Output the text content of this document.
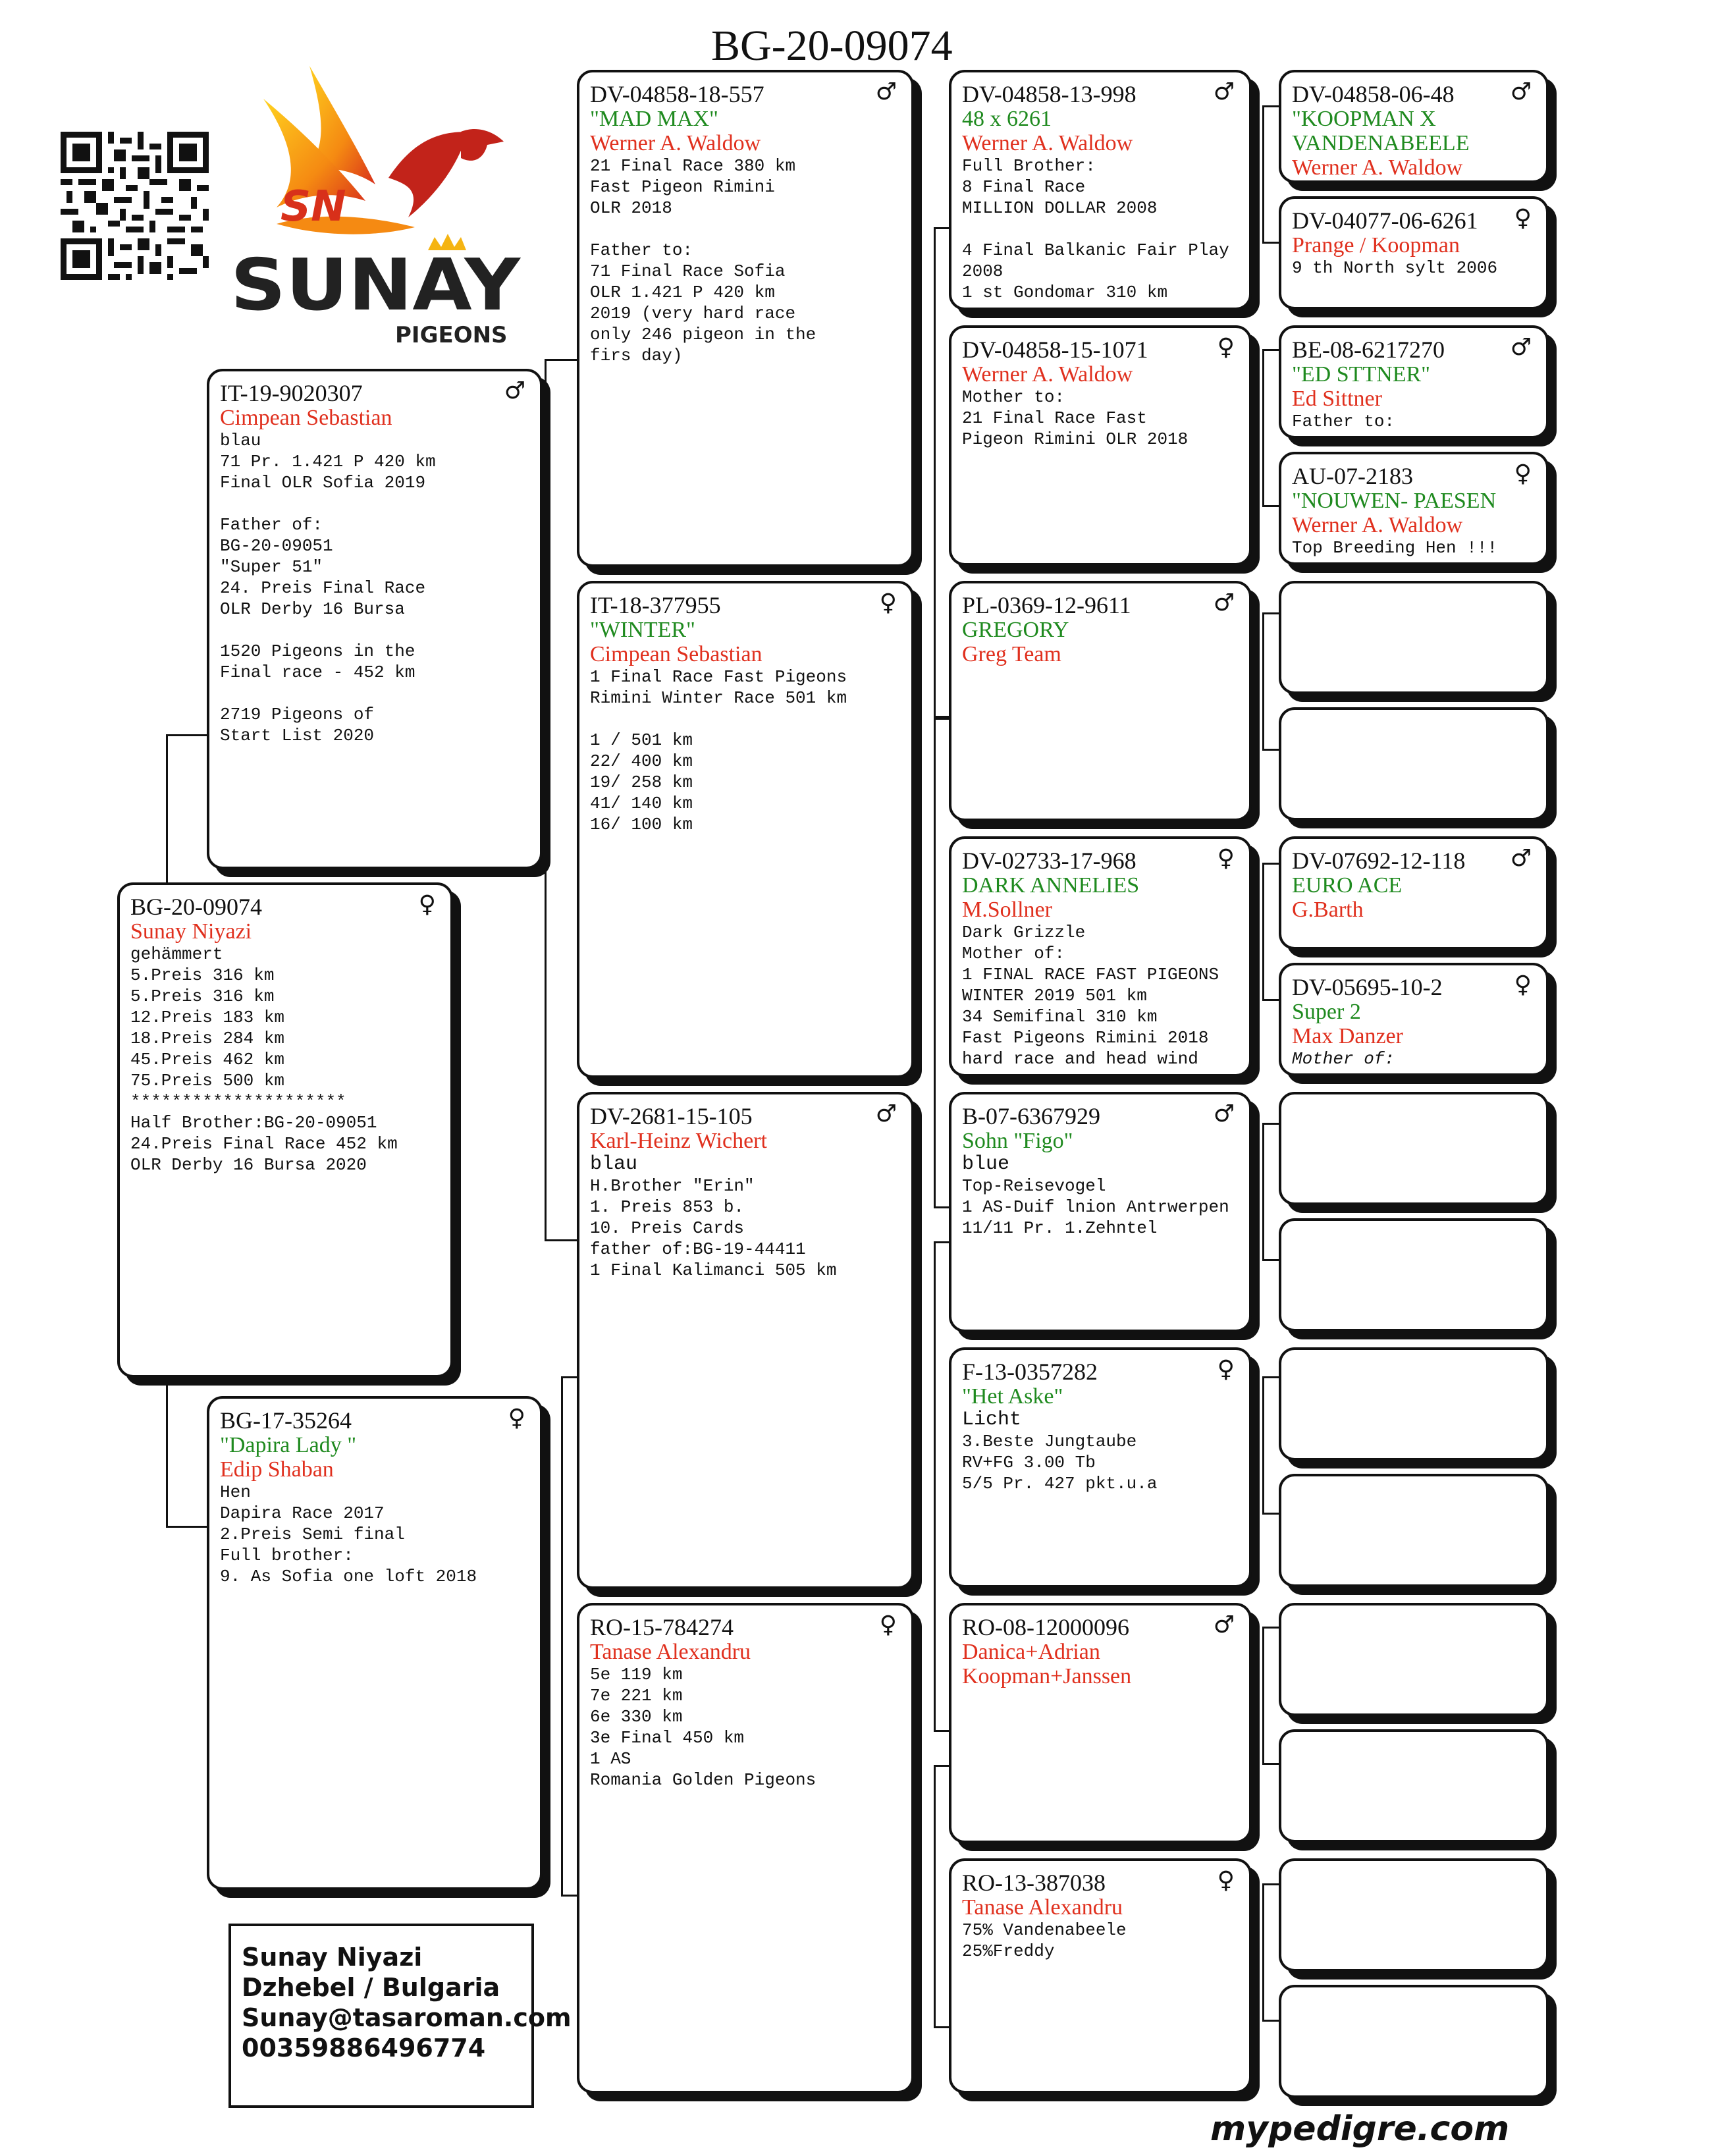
BG-20-09074
SN
SUNAY
PIGEONS
♀
BG-20-09074
Sunay Niyazi
gehämmert
5.Preis 316 km
5.Preis 316 km
12.Preis 183 km
18.Preis 284 km
45.Preis 462 km
75.Preis 500 km
*********************
Half Brother:BG-20-09051
24.Preis Final Race 452 km
OLR Derby 16 Bursa 2020
♂
IT-19-9020307
Cimpean Sebastian
blau
71 Pr. 1.421 P 420 km
Final OLR Sofia 2019

Father of:
BG-20-09051
"Super 51"
24. Preis Final Race
OLR Derby 16 Bursa

1520 Pigeons in the
Final race - 452 km

2719 Pigeons of
Start List 2020
♀
BG-17-35264
"Dapira Lady "
Edip Shaban
Hen
Dapira Race 2017
2.Preis Semi final
Full brother:
9. As Sofia one loft 2018
♂
DV-04858-18-557
"MAD MAX"
Werner A. Waldow
21 Final Race 380 km
Fast Pigeon Rimini
OLR 2018

Father to:
71 Final Race Sofia
OLR 1.421 P 420 km
2019 (very hard race
only 246 pigeon in the
firs day)
♀
IT-18-377955
"WINTER"
Cimpean Sebastian
1 Final Race Fast Pigeons
Rimini Winter Race 501 km

1 / 501 km
22/ 400 km
19/ 258 km
41/ 140 km
16/ 100 km
♂
DV-2681-15-105
Karl-Heinz Wichert
blau
H.Brother "Erin"
1. Preis 853 b.
10. Preis Cards
father of:BG-19-44411
1 Final Kalimanci 505 km
♀
RO-15-784274
Tanase Alexandru
5e 119 km
7e 221 km
6e 330 km
3e Final 450 km
1 AS
Romania Golden Pigeons
♂
DV-04858-13-998
48 x 6261
Werner A. Waldow
Full Brother:
8 Final Race
MILLION DOLLAR 2008

4 Final Balkanic Fair Play
2008
1 st Gondomar 310 km
♀
DV-04858-15-1071
Werner A. Waldow
Mother to:
21 Final Race Fast
Pigeon Rimini OLR 2018
♂
PL-0369-12-9611
GREGORY
Greg Team
♀
DV-02733-17-968
DARK ANNELIES
M.Sollner
Dark Grizzle
Mother of:
1 FINAL RACE FAST PIGEONS
WINTER 2019 501 km
34 Semifinal 310 km
Fast Pigeons Rimini 2018
hard race and head wind
♂
B-07-6367929
Sohn "Figo"
blue
Top-Reisevogel
1 AS-Duif lnion Antrwerpen
11/11 Pr. 1.Zehntel
♀
F-13-0357282
"Het Aske"
Licht
3.Beste Jungtaube
RV+FG 3.00 Tb
5/5 Pr. 427 pkt.u.a
♂
RO-08-12000096
Danica+Adrian
Koopman+Janssen
♀
RO-13-387038
Tanase Alexandru
75% Vandenabeele
25%Freddy
♂
DV-04858-06-48
"KOOPMAN X
VANDENABEELE
Werner A. Waldow
♀
DV-04077-06-6261
Prange / Koopman
9 th North sylt 2006
♂
BE-08-6217270
"ED STTNER"
Ed Sittner
Father to:
♀
AU-07-2183
"NOUWEN- PAESEN
Werner A. Waldow
Top Breeding Hen !!!
♂
DV-07692-12-118
EURO ACE
G.Barth
♀
DV-05695-10-2
Super 2
Max Danzer
Mother of:
Sunay Niyazi
Dzhebel / Bulgaria
Sunay@tasaroman.com
00359886496774
mypedigre.com
